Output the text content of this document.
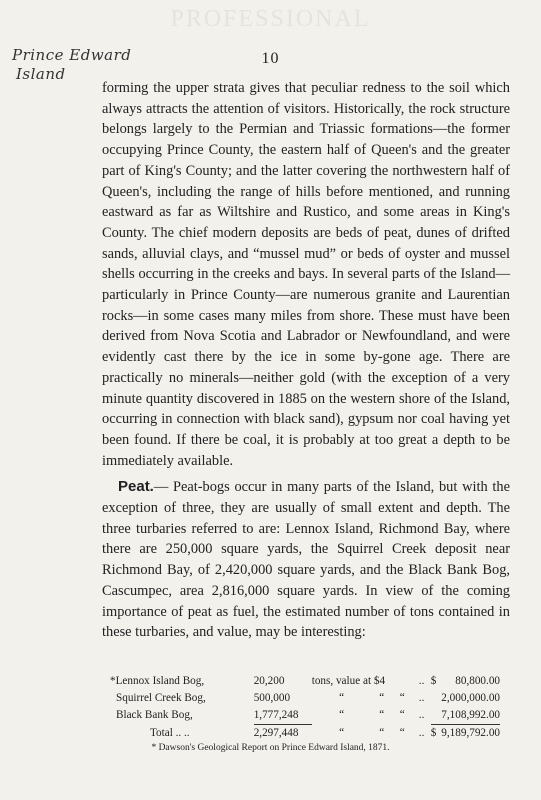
PROFESSIONAL
Prince Edward
Island
10

forming the upper strata gives that peculiar redness to the soil which always attracts the attention of visitors. Historically, the rock structure belongs largely to the Permian and Triassic formations—the former occupying Prince County, the eastern half of Queen's and the greater part of King's County; and the latter covering the northwestern half of Queen's, including the range of hills before mentioned, and running eastward as far as Wiltshire and Rustico, and some areas in King's County. The chief modern deposits are beds of peat, dunes of drifted sands, alluvial clays, and “mussel mud” or beds of oyster and mussel shells occurring in the creeks and bays. In several parts of the Island—particularly in Prince County—are numerous granite and Laurentian rocks—in some cases many miles from shore. These must have been derived from Nova Scotia and Labrador or Newfoundland, and were evidently cast there by the ice in some by-gone age. There are practically no minerals—neither gold (with the exception of a very minute quantity discovered in 1885 on the western shore of the Island, occurring in connection with black sand), gypsum nor coal having yet been found. If there be coal, it is probably at too great a depth to be immediately available.

Peat.— Peat-bogs occur in many parts of the Island, but with the exception of three, they are usually of small extent and depth. The three turbaries referred to are: Lennox Island, Richmond Bay, where there are 250,000 square yards, the Squirrel Creek deposit near Richmond Bay, of 2,420,000 square yards, and the Black Bank Bog, Cascumpec, area 2,816,000 square yards. In view of the coming importance of peat as fuel, the estimated number of tons contained in these turbaries, and value, may be interesting:

*Lennox Island Bog,	20,200	tons, value at $4			..	$	80,800.00
Squirrel Creek Bog,	500,000	“	“	“	..		2,000,000.00
Black Bank Bog,	1,777,248	“	“	“	..		7,108,992.00
Total .. ..	2,297,448	“	“	“	..	$	9,189,792.00
* Dawson's Geological Report on Prince Edward Island, 1871.
